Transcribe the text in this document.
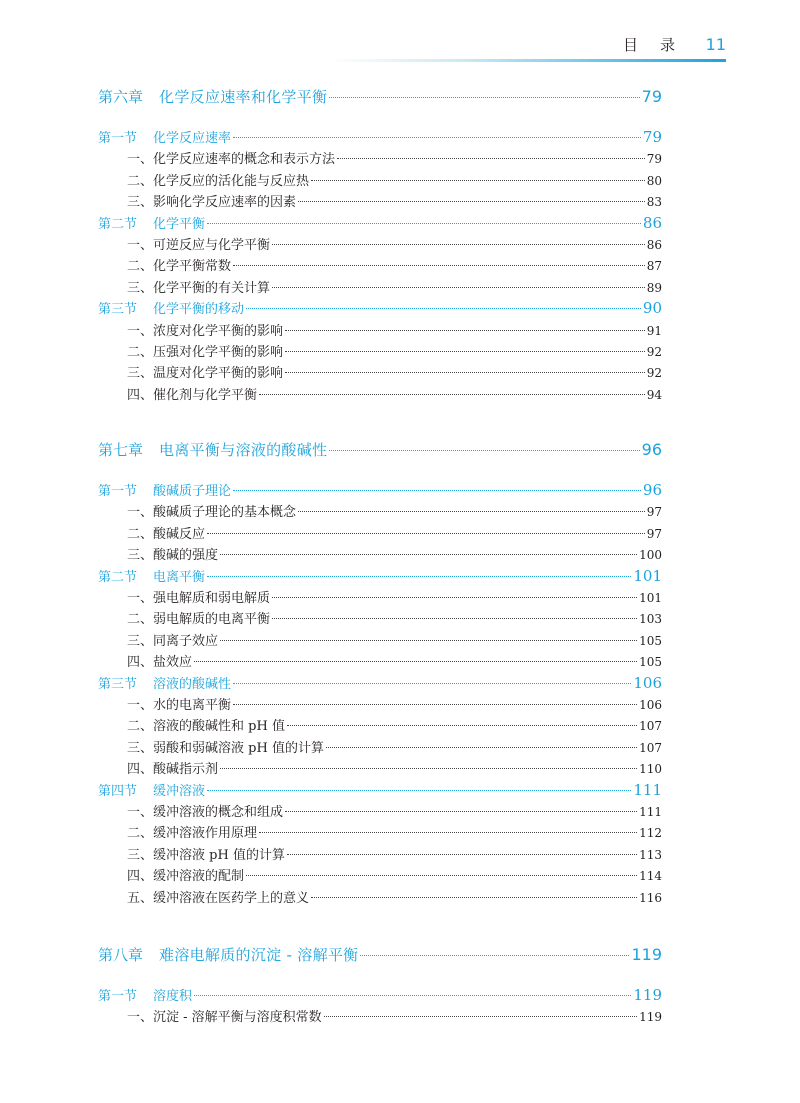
目录 11
第六章 化学反应速率和化学平衡	79
第一节 化学反应速率	79
一、 化学反应速率的概念和表示方法	79
二、 化学反应的活化能与反应热	80
三、 影响化学反应速率的因素	83
第二节 化学平衡	86
一、 可逆反应与化学平衡	86
二、 化学平衡常数	87
三、 化学平衡的有关计算	89
第三节 化学平衡的移动	90
一、 浓度对化学平衡的影响	91
二、 压强对化学平衡的影响	92
三、 温度对化学平衡的影响	92
四、 催化剂与化学平衡	94
第七章 电离平衡与溶液的酸碱性	96
第一节 酸碱质子理论	96
一、 酸碱质子理论的基本概念	97
二、 酸碱反应	97
三、 酸碱的强度	100
第二节 电离平衡	101
一、 强电解质和弱电解质	101
二、 弱电解质的电离平衡	103
三、 同离子效应	105
四、 盐效应	105
第三节 溶液的酸碱性	106
一、 水的电离平衡	106
二、 溶液的酸碱性和 pH 值	107
三、 弱酸和弱碱溶液 pH 值的计算	107
四、 酸碱指示剂	110
第四节 缓冲溶液	111
一、 缓冲溶液的概念和组成	111
二、 缓冲溶液作用原理	112
三、 缓冲溶液 pH 值的计算	113
四、 缓冲溶液的配制	114
五、 缓冲溶液在医药学上的意义	116
第八章 难溶电解质的沉淀 - 溶解平衡	119
第一节 溶度积	119
一、 沉淀 - 溶解平衡与溶度积常数	119
